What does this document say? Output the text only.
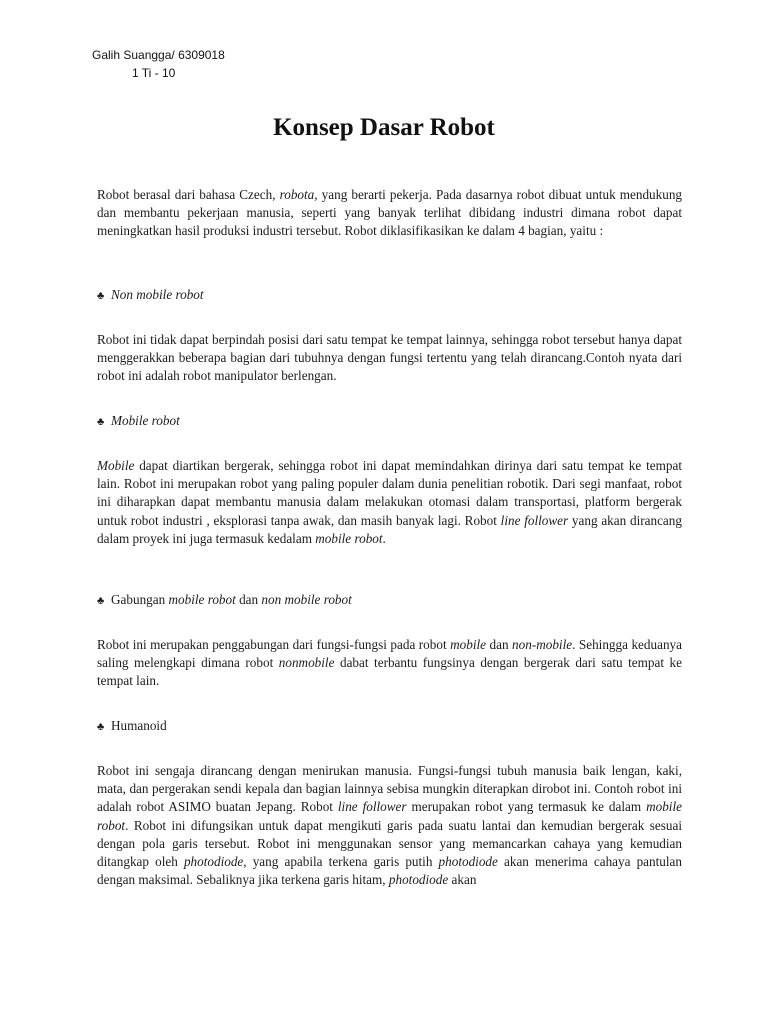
Galih Suangga/ 6309018
1 Ti - 10
Konsep Dasar Robot
Robot berasal dari bahasa Czech, robota, yang berarti pekerja. Pada dasarnya robot dibuat untuk mendukung dan membantu pekerjaan manusia, seperti yang banyak terlihat dibidang industri dimana robot dapat meningkatkan hasil produksi industri tersebut. Robot diklasifikasikan ke dalam 4 bagian, yaitu :
♣ Non mobile robot
Robot ini tidak dapat berpindah posisi dari satu tempat ke tempat lainnya, sehingga robot tersebut hanya dapat menggerakkan beberapa bagian dari tubuhnya dengan fungsi tertentu yang telah dirancang.Contoh nyata dari robot ini adalah robot manipulator berlengan.
♣ Mobile robot
Mobile dapat diartikan bergerak, sehingga robot ini dapat memindahkan dirinya dari satu tempat ke tempat lain. Robot ini merupakan robot yang paling populer dalam dunia penelitian robotik. Dari segi manfaat, robot ini diharapkan dapat membantu manusia dalam melakukan otomasi dalam transportasi, platform bergerak untuk robot industri , eksplorasi tanpa awak, dan masih banyak lagi. Robot line follower yang akan dirancang dalam proyek ini juga termasuk kedalam mobile robot.
♣ Gabungan mobile robot dan non mobile robot
Robot ini merupakan penggabungan dari fungsi-fungsi pada robot mobile dan non-mobile. Sehingga keduanya saling melengkapi dimana robot nonmobile dabat terbantu fungsinya dengan bergerak dari satu tempat ke tempat lain.
♣ Humanoid
Robot ini sengaja dirancang dengan menirukan manusia. Fungsi-fungsi tubuh manusia baik lengan, kaki, mata, dan pergerakan sendi kepala dan bagian lainnya sebisa mungkin diterapkan dirobot ini. Contoh robot ini adalah robot ASIMO buatan Jepang. Robot line follower merupakan robot yang termasuk ke dalam mobile robot. Robot ini difungsikan untuk dapat mengikuti garis pada suatu lantai dan kemudian bergerak sesuai dengan pola garis tersebut. Robot ini menggunakan sensor yang memancarkan cahaya yang kemudian ditangkap oleh photodiode, yang apabila terkena garis putih photodiode akan menerima cahaya pantulan dengan maksimal. Sebaliknya jika terkena garis hitam, photodiode akan
